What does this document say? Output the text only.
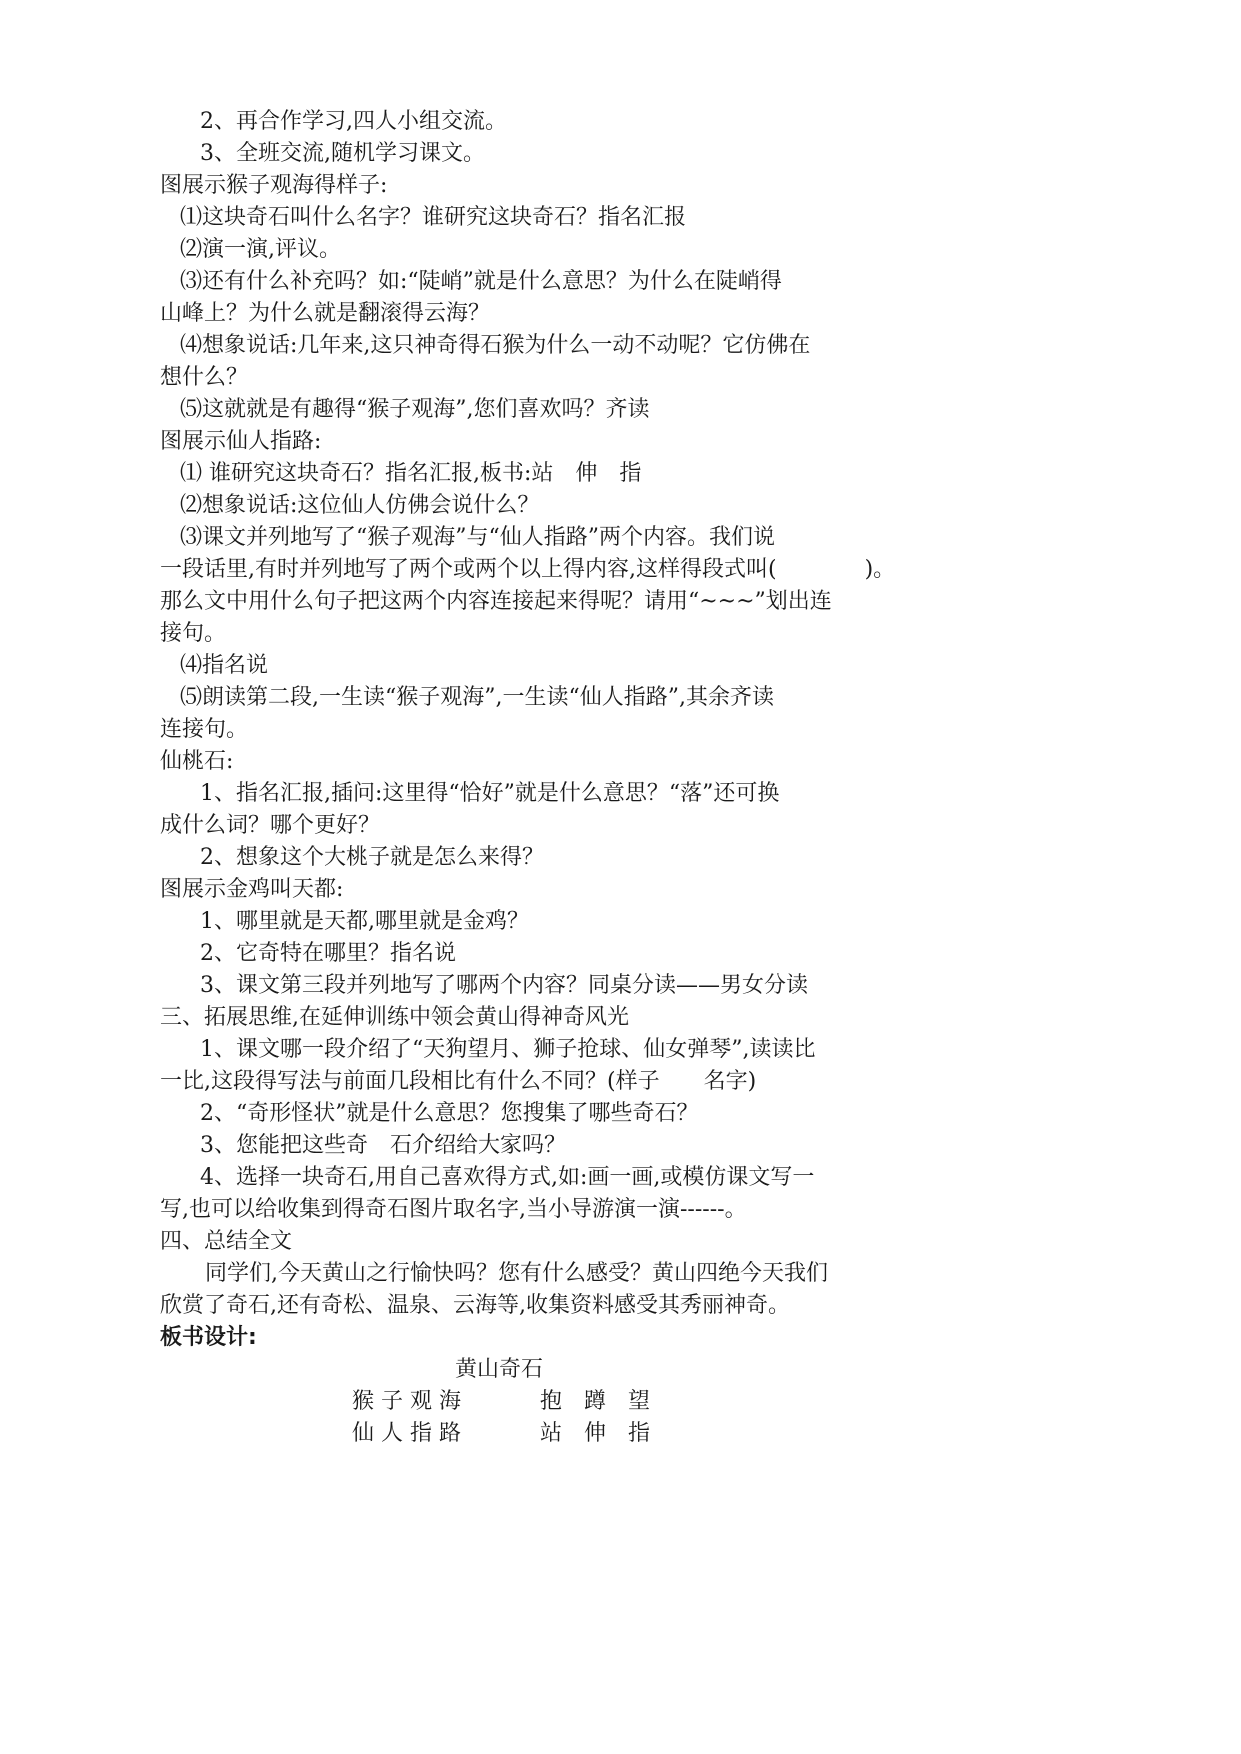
2、再合作学习,四人小组交流。
3、全班交流,随机学习课文。
图展示猴子观海得样子:
⑴这块奇石叫什么名字？谁研究这块奇石？指名汇报
⑵演一演,评议。
⑶还有什么补充吗？如:“陡峭”就是什么意思？为什么在陡峭得
山峰上？为什么就是翻滚得云海？
⑷想象说话:几年来,这只神奇得石猴为什么一动不动呢？它仿佛在
想什么？
⑸这就就是有趣得“猴子观海”,您们喜欢吗？齐读
图展示仙人指路:
⑴ 谁研究这块奇石？指名汇报,板书:站　伸　指
⑵想象说话:这位仙人仿佛会说什么？
⑶课文并列地写了“猴子观海”与“仙人指路”两个内容。我们说
一段话里,有时并列地写了两个或两个以上得内容,这样得段式叫(　　　　)。
那么文中用什么句子把这两个内容连接起来得呢？请用“~~~”划出连
接句。
⑷指名说
⑸朗读第二段,一生读“猴子观海”,一生读“仙人指路”,其余齐读
连接句。
仙桃石:
1、指名汇报,插问:这里得“恰好”就是什么意思？“落”还可换
成什么词？哪个更好？
2、想象这个大桃子就是怎么来得？
图展示金鸡叫天都:
1、哪里就是天都,哪里就是金鸡？
2、它奇特在哪里？指名说
3、课文第三段并列地写了哪两个内容？同桌分读——男女分读
三、拓展思维,在延伸训练中领会黄山得神奇风光
1、课文哪一段介绍了“天狗望月、狮子抢球、仙女弹琴”,读读比
一比,这段得写法与前面几段相比有什么不同？(样子　　名字)
2、“奇形怪状”就是什么意思？您搜集了哪些奇石？
3、您能把这些奇　石介绍给大家吗？
4、选择一块奇石,用自己喜欢得方式,如:画一画,或模仿课文写一
写,也可以给收集到得奇石图片取名字,当小导游演一演------。
四、总结全文
同学们,今天黄山之行愉快吗？您有什么感受？黄山四绝今天我们
欣赏了奇石,还有奇松、温泉、云海等,收集资料感受其秀丽神奇。
板书设计:
黄山奇石
猴 子 观 海	抱　蹲　望
仙 人 指 路	站　伸　指
